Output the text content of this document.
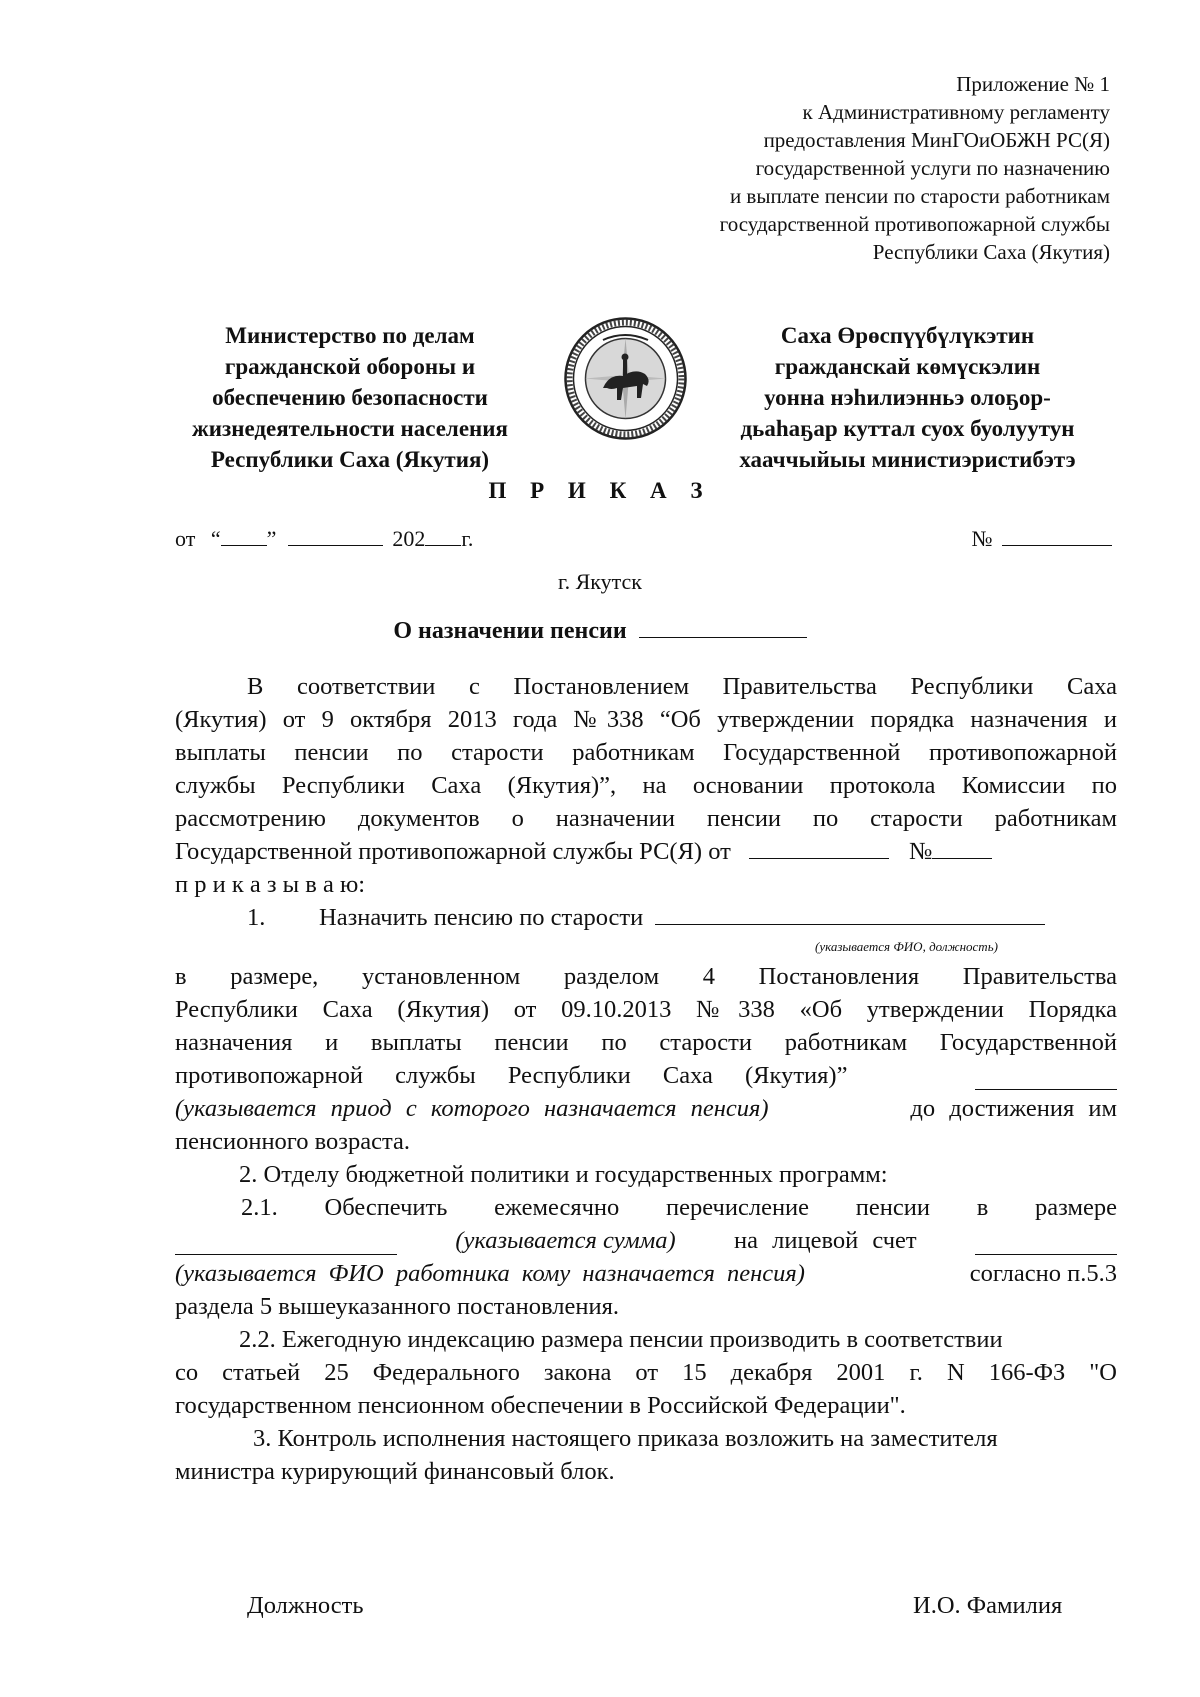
Приложение № 1
к Административному регламенту
предоставления МинГОиОБЖН РС(Я)
государственной услуги по назначению
и выплате пенсии по старости работникам
государственной противопожарной службы
Республики Саха (Якутия)
Министерство по делам
гражданской обороны и
обеспечению безопасности
жизнедеятельности населения
Республики Саха (Якутия)
Саха Өрөспүүбүлүкэтин
гражданскай көмүскэлин
уонна нэһилиэнньэ олоҕор-
дьаһаҕар куттал суох буолуутун
хааччыйыы министиэристибэтэ
П Р И К А З
от “ ”	202 г.	№
г. Якутск
О назначении пенсии
В соответствии с Постановлением Правительства Республики Саха
(Якутия) от 9 октября 2013 года №338 “Об утверждении порядка назначения и
выплаты пенсии по старости работникам Государственной противопожарной
службы Республики Саха (Якутия)”, на основании протокола Комиссии по
рассмотрению документов о назначении пенсии по старости работникам
Государственной противопожарной службы РС(Я) от	№
п р и к а з ы в а ю:
1. Назначить пенсию по старости
(указывается ФИО, должность)
в размере, установленном разделом 4 Постановления Правительства
Республики Саха (Якутия) от 09.10.2013 №338 «Об утверждении Порядка
назначения и выплаты пенсии по старости работникам Государственной
противопожарной службы Республики Саха (Якутия)”
(указывается приод с которого назначается пенсия)	до достижения им
пенсионного возраста.
2. Отделу бюджетной политики и государственных программ:
2.1. Обеспечить ежемесячно перечисление пенсии в размере
(указывается сумма) на лицевой счет
(указывается ФИО работника кому назначается пенсия)	согласно п.5.3
раздела 5 вышеуказанного постановления.
2.2. Ежегодную индексацию размера пенсии производить в соответствии
со статьей 25 Федерального закона от 15 декабря 2001 г. N 166-ФЗ "О
государственном пенсионном обеспечении в Российской Федерации".
3. Контроль исполнения настоящего приказа возложить на заместителя
министра курирующий финансовый блок.
Должность	И.О. Фамилия
